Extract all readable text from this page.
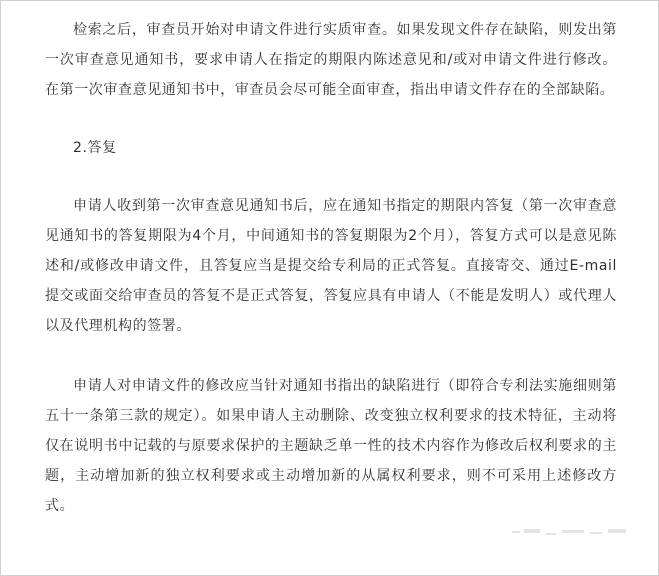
检索之后，审查员开始对申请文件进行实质审查。如果发现文件存在缺陷，则发出第一次审查意见通知书，要求申请人在指定的期限内陈述意见和/或对申请文件进行修改。在第一次审查意见通知书中，审查员会尽可能全面审查，指出申请文件存在的全部缺陷。

2.答复

申请人收到第一次审查意见通知书后，应在通知书指定的期限内答复（第一次审查意见通知书的答复期限为4个月，中间通知书的答复期限为2个月），答复方式可以是意见陈述和/或修改申请文件，且答复应当是提交给专利局的正式答复。直接寄交、通过E-mail提交或面交给审查员的答复不是正式答复，答复应具有申请人（不能是发明人）或代理人以及代理机构的签署。

申请人对申请文件的修改应当针对通知书指出的缺陷进行（即符合专利法实施细则第五十一条第三款的规定）。如果申请人主动删除、改变独立权利要求的技术特征，主动将仅在说明书中记载的与原要求保护的主题缺乏单一性的技术内容作为修改后权利要求的主题，主动增加新的独立权利要求或主动增加新的从属权利要求，则不可采用上述修改方式。
